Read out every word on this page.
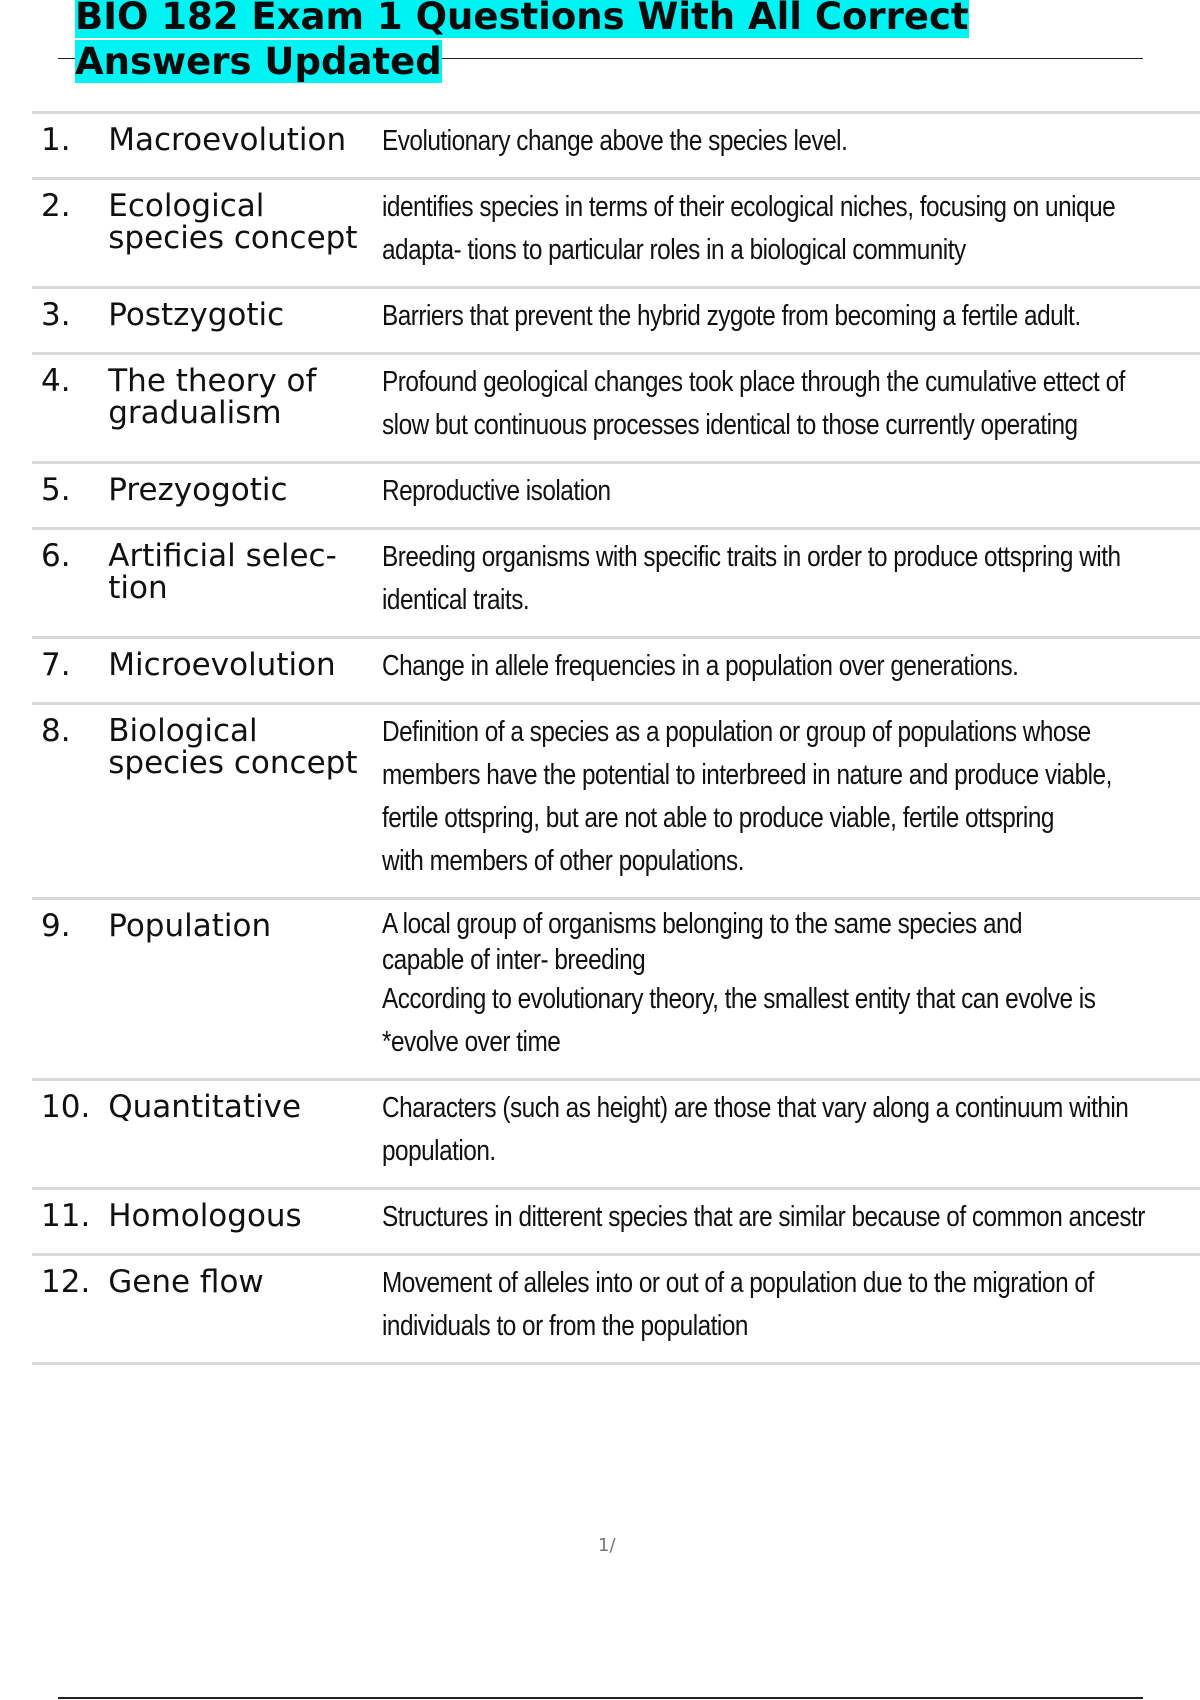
BIO 182 Exam 1 Questions With All Correct
Answers Updated
1.	Macroevolution	Evolutionary change above the species level.

2.	Ecological species concept	identifies species in terms of their ecological niches, focusing on unique
adapta- tions to particular roles in a biological community

3.	Postzygotic	Barriers that prevent the hybrid zygote from becoming a fertile adult.

4.	The theory of gradualism	Profound geological changes took place through the cumulative ettect of
slow but continuous processes identical to those currently operating

5.	Prezyogotic	Reproductive isolation

6.	Artificial selec- tion	Breeding organisms with specific traits in order to produce ottspring with
identical traits.

7.	Microevolution	Change in allele frequencies in a population over generations.

8.	Biological species concept	Definition of a species as a population or group of populations whose
members have the potential to interbreed in nature and produce viable,
fertile ottspring, but are not able to produce viable, fertile ottspring
with members of other populations.

9.	Population	A local group of organisms belonging to the same species and
capable of inter- breeding
According to evolutionary theory, the smallest entity that can evolve is
*evolve over time

10.	Quantitative	Characters (such as height) are those that vary along a continuum within
population.

11.	Homologous	Structures in ditterent species that are similar because of common ancestr

12.	Gene flow	Movement of alleles into or out of a population due to the migration of
individuals to or from the population
1/
